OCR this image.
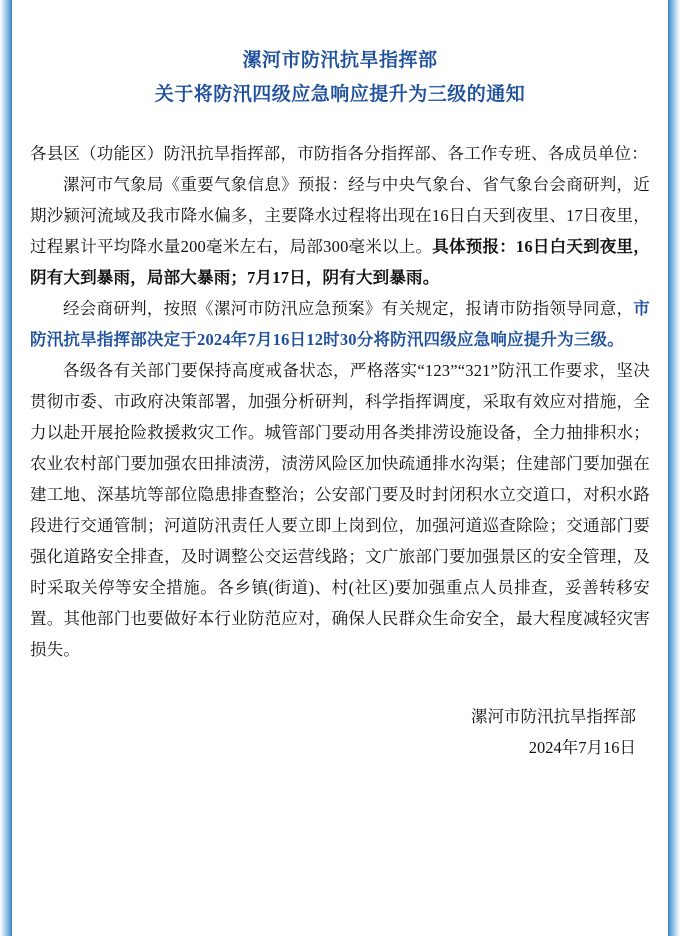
漯河市防汛抗旱指挥部
关于将防汛四级应急响应提升为三级的通知

各县区（功能区）防汛抗旱指挥部，市防指各分指挥部、各工作专班、各成员单位：

漯河市气象局《重要气象信息》预报：经与中央气象台、省气象台会商研判，近期沙颍河流域及我市降水偏多，主要降水过程将出现在16日白天到夜里、17日夜里，过程累计平均降水量200毫米左右，局部300毫米以上。具体预报：16日白天到夜里，阴有大到暴雨，局部大暴雨；7月17日，阴有大到暴雨。

经会商研判，按照《漯河市防汛应急预案》有关规定，报请市防指领导同意，市防汛抗旱指挥部决定于2024年7月16日12时30分将防汛四级应急响应提升为三级。

各级各有关部门要保持高度戒备状态，严格落实“123”“321”防汛工作要求，坚决贯彻市委、市政府决策部署，加强分析研判，科学指挥调度，采取有效应对措施，全力以赴开展抢险救援救灾工作。城管部门要动用各类排涝设施设备，全力抽排积水；农业农村部门要加强农田排渍涝，渍涝风险区加快疏通排水沟渠；住建部门要加强在建工地、深基坑等部位隐患排查整治；公安部门要及时封闭积水立交道口，对积水路段进行交通管制；河道防汛责任人要立即上岗到位，加强河道巡查除险；交通部门要强化道路安全排查，及时调整公交运营线路；文广旅部门要加强景区的安全管理，及时采取关停等安全措施。各乡镇(街道)、村(社区)要加强重点人员排查，妥善转移安置。其他部门也要做好本行业防范应对，确保人民群众生命安全，最大程度减轻灾害损失。

漯河市防汛抗旱指挥部
2024年7月16日
